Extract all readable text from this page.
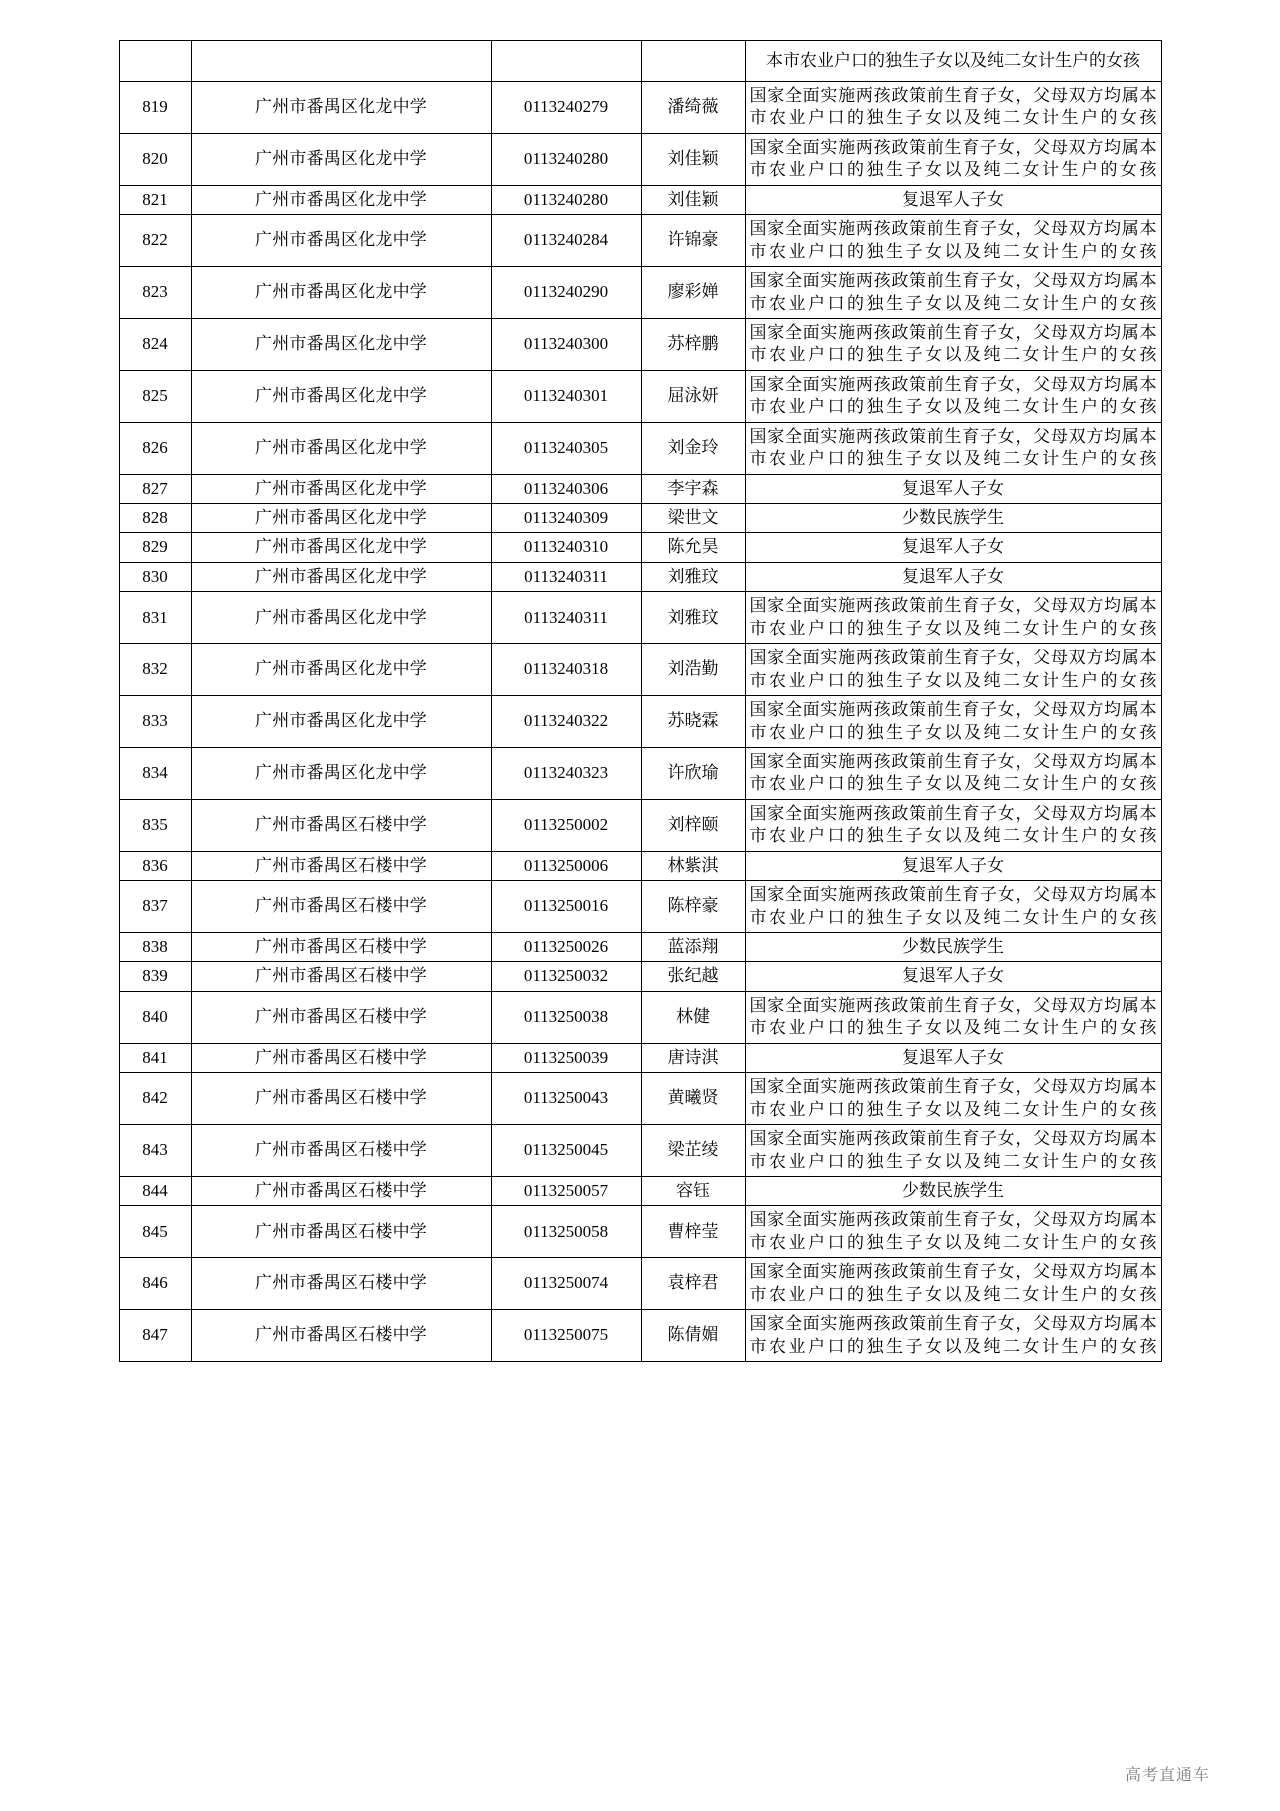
				本市农业户口的独生子女以及纯二女计生户的女孩
819	广州市番禺区化龙中学	0113240279	潘绮薇	国家全面实施两孩政策前生育子女，父母双方均属本市农业户口的独生子女以及纯二女计生户的女孩
820	广州市番禺区化龙中学	0113240280	刘佳颖	国家全面实施两孩政策前生育子女，父母双方均属本市农业户口的独生子女以及纯二女计生户的女孩
821	广州市番禺区化龙中学	0113240280	刘佳颖	复退军人子女
822	广州市番禺区化龙中学	0113240284	许锦豪	国家全面实施两孩政策前生育子女，父母双方均属本市农业户口的独生子女以及纯二女计生户的女孩
823	广州市番禺区化龙中学	0113240290	廖彩婵	国家全面实施两孩政策前生育子女，父母双方均属本市农业户口的独生子女以及纯二女计生户的女孩
824	广州市番禺区化龙中学	0113240300	苏梓鹏	国家全面实施两孩政策前生育子女，父母双方均属本市农业户口的独生子女以及纯二女计生户的女孩
825	广州市番禺区化龙中学	0113240301	屈泳妍	国家全面实施两孩政策前生育子女，父母双方均属本市农业户口的独生子女以及纯二女计生户的女孩
826	广州市番禺区化龙中学	0113240305	刘金玲	国家全面实施两孩政策前生育子女，父母双方均属本市农业户口的独生子女以及纯二女计生户的女孩
827	广州市番禺区化龙中学	0113240306	李宇森	复退军人子女
828	广州市番禺区化龙中学	0113240309	梁世文	少数民族学生
829	广州市番禺区化龙中学	0113240310	陈允昊	复退军人子女
830	广州市番禺区化龙中学	0113240311	刘雅玟	复退军人子女
831	广州市番禺区化龙中学	0113240311	刘雅玟	国家全面实施两孩政策前生育子女，父母双方均属本市农业户口的独生子女以及纯二女计生户的女孩
832	广州市番禺区化龙中学	0113240318	刘浩勤	国家全面实施两孩政策前生育子女，父母双方均属本市农业户口的独生子女以及纯二女计生户的女孩
833	广州市番禺区化龙中学	0113240322	苏晓霖	国家全面实施两孩政策前生育子女，父母双方均属本市农业户口的独生子女以及纯二女计生户的女孩
834	广州市番禺区化龙中学	0113240323	许欣瑜	国家全面实施两孩政策前生育子女，父母双方均属本市农业户口的独生子女以及纯二女计生户的女孩
835	广州市番禺区石楼中学	0113250002	刘梓颐	国家全面实施两孩政策前生育子女，父母双方均属本市农业户口的独生子女以及纯二女计生户的女孩
836	广州市番禺区石楼中学	0113250006	林紫淇	复退军人子女
837	广州市番禺区石楼中学	0113250016	陈梓豪	国家全面实施两孩政策前生育子女，父母双方均属本市农业户口的独生子女以及纯二女计生户的女孩
838	广州市番禺区石楼中学	0113250026	蓝添翔	少数民族学生
839	广州市番禺区石楼中学	0113250032	张纪越	复退军人子女
840	广州市番禺区石楼中学	0113250038	林健	国家全面实施两孩政策前生育子女，父母双方均属本市农业户口的独生子女以及纯二女计生户的女孩
841	广州市番禺区石楼中学	0113250039	唐诗淇	复退军人子女
842	广州市番禺区石楼中学	0113250043	黄曦贤	国家全面实施两孩政策前生育子女，父母双方均属本市农业户口的独生子女以及纯二女计生户的女孩
843	广州市番禺区石楼中学	0113250045	梁芷绫	国家全面实施两孩政策前生育子女，父母双方均属本市农业户口的独生子女以及纯二女计生户的女孩
844	广州市番禺区石楼中学	0113250057	容钰	少数民族学生
845	广州市番禺区石楼中学	0113250058	曹梓莹	国家全面实施两孩政策前生育子女，父母双方均属本市农业户口的独生子女以及纯二女计生户的女孩
846	广州市番禺区石楼中学	0113250074	袁梓君	国家全面实施两孩政策前生育子女，父母双方均属本市农业户口的独生子女以及纯二女计生户的女孩
847	广州市番禺区石楼中学	0113250075	陈倩媚	国家全面实施两孩政策前生育子女，父母双方均属本市农业户口的独生子女以及纯二女计生户的女孩
高考直通车
